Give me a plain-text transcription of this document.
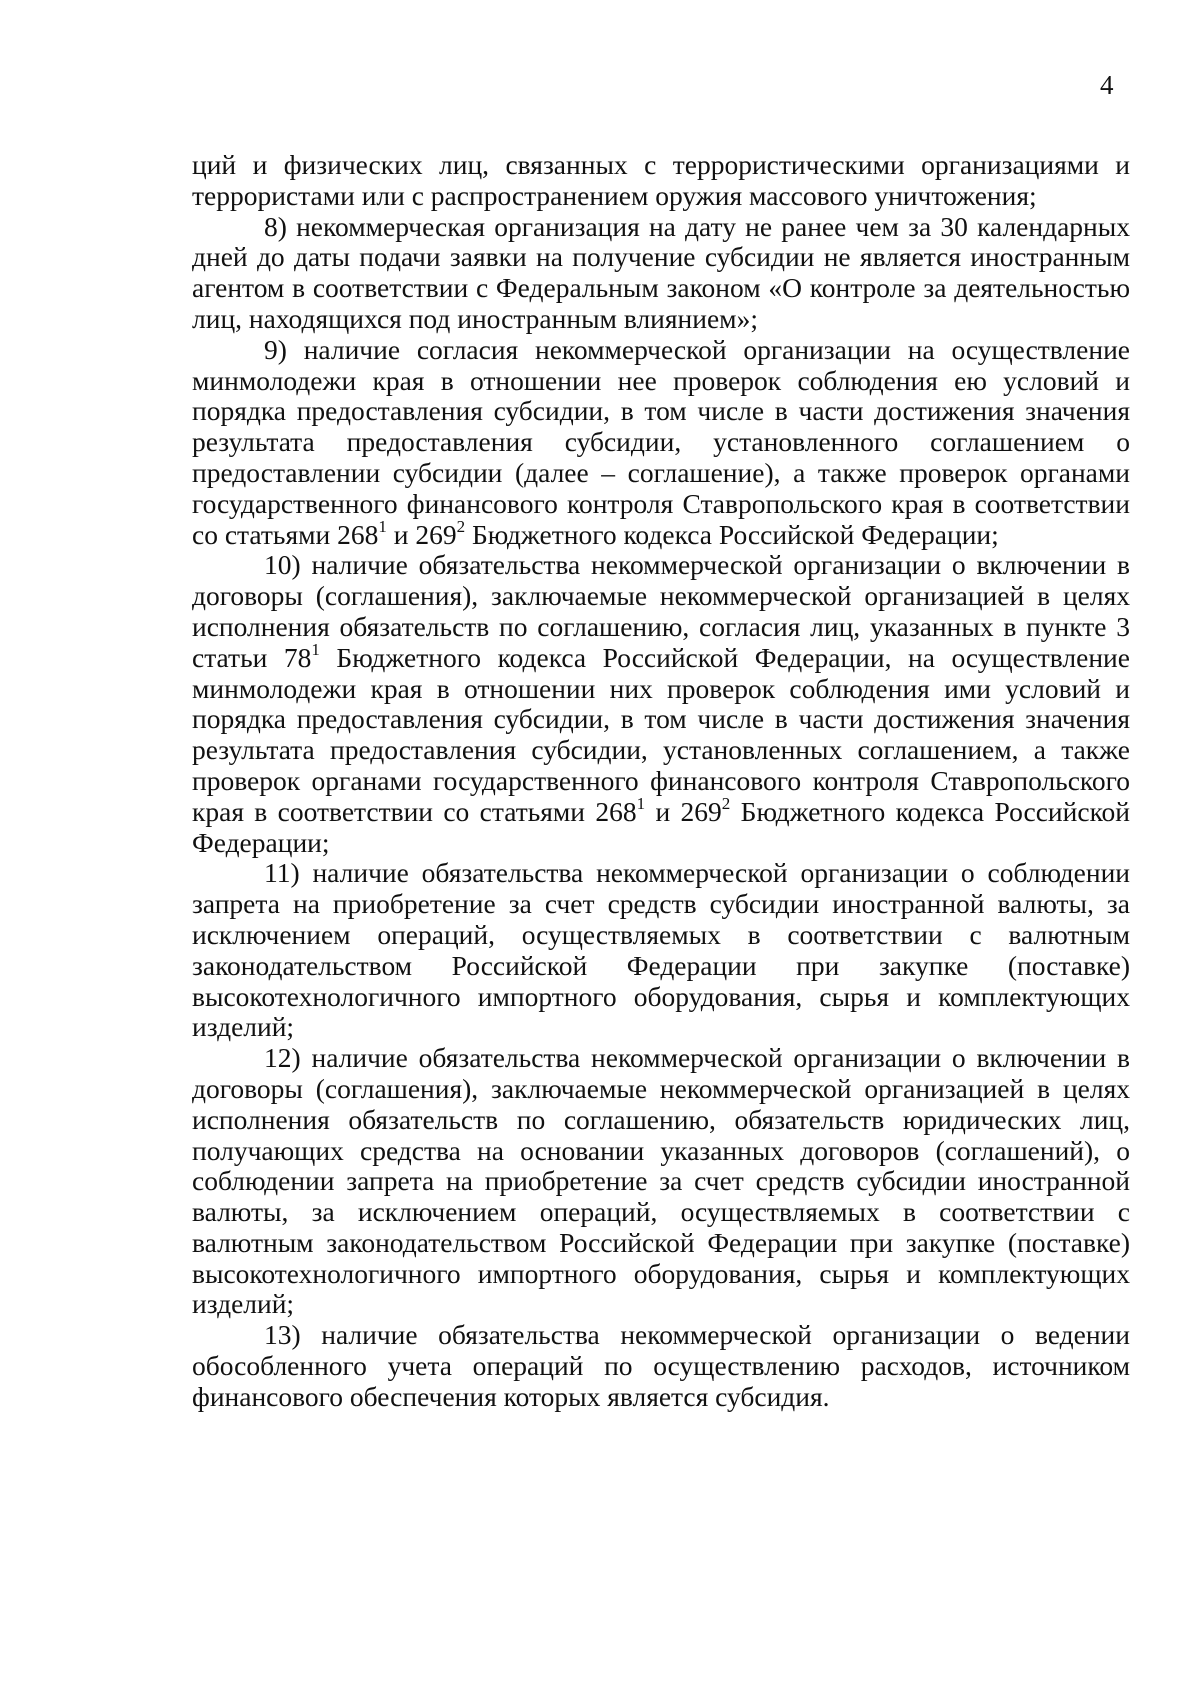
4

ций и физических лиц, связанных с террористическими организациями и террористами или с распространением оружия массового уничтожения;

8) некоммерческая организация на дату не ранее чем за 30 календарных дней до даты подачи заявки на получение субсидии не является иностранным агентом в соответствии с Федеральным законом «О контроле за деятельностью лиц, находящихся под иностранным влиянием»;

9) наличие согласия некоммерческой организации на осуществление минмолодежи края в отношении нее проверок соблюдения ею условий и порядка предоставления субсидии, в том числе в части достижения значения результата предоставления субсидии, установленного соглашением о предоставлении субсидии (далее – соглашение), а также проверок органами государственного финансового контроля Ставропольского края в соответствии со статьями $268^1$ и $269^2$ Бюджетного кодекса Российской Федерации;

10) наличие обязательства некоммерческой организации о включении в договоры (соглашения), заключаемые некоммерческой организацией в целях исполнения обязательств по соглашению, согласия лиц, указанных в пункте 3 статьи $78^1$ Бюджетного кодекса Российской Федерации, на осуществление минмолодежи края в отношении них проверок соблюдения ими условий и порядка предоставления субсидии, в том числе в части достижения значения результата предоставления субсидии, установленных соглашением, а также проверок органами государственного финансового контроля Ставропольского края в соответствии со статьями $268^1$ и $269^2$ Бюджетного кодекса Российской Федерации;

11) наличие обязательства некоммерческой организации о соблюдении запрета на приобретение за счет средств субсидии иностранной валюты, за исключением операций, осуществляемых в соответствии с валютным законодательством Российской Федерации при закупке (поставке) высокотехнологичного импортного оборудования, сырья и комплектующих изделий;

12) наличие обязательства некоммерческой организации о включении в договоры (соглашения), заключаемые некоммерческой организацией в целях исполнения обязательств по соглашению, обязательств юридических лиц, получающих средства на основании указанных договоров (соглашений), о соблюдении запрета на приобретение за счет средств субсидии иностранной валюты, за исключением операций, осуществляемых в соответствии с валютным законодательством Российской Федерации при закупке (поставке) высокотехнологичного импортного оборудования, сырья и комплектующих изделий;

13) наличие обязательства некоммерческой организации о ведении обособленного учета операций по осуществлению расходов, источником финансового обеспечения которых является субсидия.
